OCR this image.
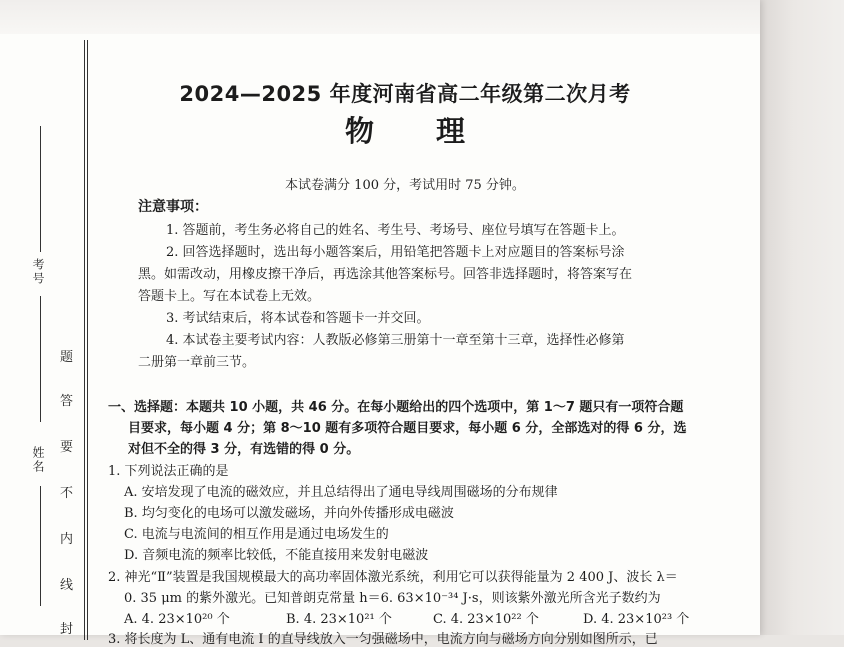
考号
姓名
题
答
要
不
内
线
封
2024—2025 年度河南省高二年级第二次月考
物理
本试卷满分 100 分，考试用时 75 分钟。
注意事项：
1. 答题前，考生务必将自己的姓名、考生号、考场号、座位号填写在答题卡上。
2. 回答选择题时，选出每小题答案后，用铅笔把答题卡上对应题目的答案标号涂
黑。如需改动，用橡皮擦干净后，再选涂其他答案标号。回答非选择题时，将答案写在
答题卡上。写在本试卷上无效。
3. 考试结束后，将本试卷和答题卡一并交回。
4. 本试卷主要考试内容：人教版必修第三册第十一章至第十三章，选择性必修第
二册第一章前三节。
一、选择题：本题共 10 小题，共 46 分。在每小题给出的四个选项中，第 1～7 题只有一项符合题
目要求，每小题 4 分；第 8～10 题有多项符合题目要求，每小题 6 分，全部选对的得 6 分，选
对但不全的得 3 分，有选错的得 0 分。
1. 下列说法正确的是
A. 安培发现了电流的磁效应，并且总结得出了通电导线周围磁场的分布规律
B. 均匀变化的电场可以激发磁场，并向外传播形成电磁波
C. 电流与电流间的相互作用是通过电场发生的
D. 音频电流的频率比较低，不能直接用来发射电磁波
2. 神光“Ⅱ”装置是我国规模最大的高功率固体激光系统，利用它可以获得能量为 2 400 J、波长 λ＝
0. 35 μm 的紫外激光。已知普朗克常量 h＝6. 63×10⁻³⁴ J·s，则该紫外激光所含光子数约为
A. 4. 23×10²⁰ 个	B. 4. 23×10²¹ 个	C. 4. 23×10²² 个	D. 4. 23×10²³ 个
3. 将长度为 L、通有电流 I 的直导线放入一匀强磁场中，电流方向与磁场方向分别如图所示，已
